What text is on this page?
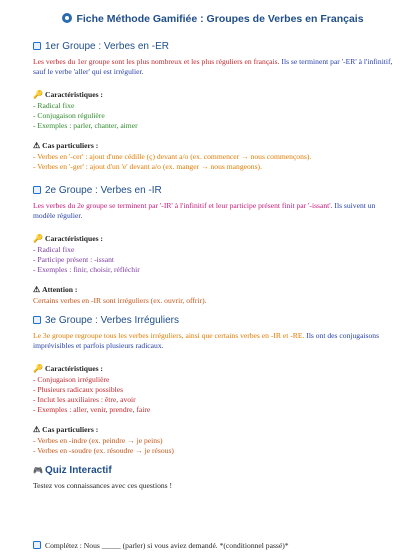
Fiche Méthode Gamifiée : Groupes de Verbes en Français
1er Groupe : Verbes en -ER
Les verbes du 1er groupe sont les plus nombreux et les plus réguliers en français. Ils se terminent par '-ER' à l'infinitif, sauf le verbe 'aller' qui est irrégulier.
🔑 Caractéristiques :
- Radical fixe
- Conjugaison régulière
- Exemples : parler, chanter, aimer
⚠ Cas particuliers :
- Verbes en '-cer' : ajout d'une cédille (ç) devant a/o (ex. commencer → nous commençons).
- Verbes en '-ger' : ajout d'un 'e' devant a/o (ex. manger → nous mangeons).
2e Groupe : Verbes en -IR
Les verbes du 2e groupe se terminent par '-IR' à l'infinitif et leur participe présent finit par '-issant'. Ils suivent un modèle régulier.
🔑 Caractéristiques :
- Radical fixe
- Participe présent : -issant
- Exemples : finir, choisir, réfléchir
⚠ Attention :
Certains verbes en -IR sont irréguliers (ex. ouvrir, offrir).
3e Groupe : Verbes Irréguliers
Le 3e groupe regroupe tous les verbes irréguliers, ainsi que certains verbes en -IR et -RE. Ils ont des conjugaisons imprévisibles et parfois plusieurs radicaux.
🔑 Caractéristiques :
- Conjugaison irrégulière
- Plusieurs radicaux possibles
- Inclut les auxiliaires : être, avoir
- Exemples : aller, venir, prendre, faire
⚠ Cas particuliers :
- Verbes en -indre (ex. peindre → je peins)
- Verbes en -soudre (ex. résoudre → je résous)
🎮 Quiz Interactif
Testez vos connaissances avec ces questions !
Complétez : Nous _____ (parler) si vous aviez demandé. *(conditionnel passé)*
